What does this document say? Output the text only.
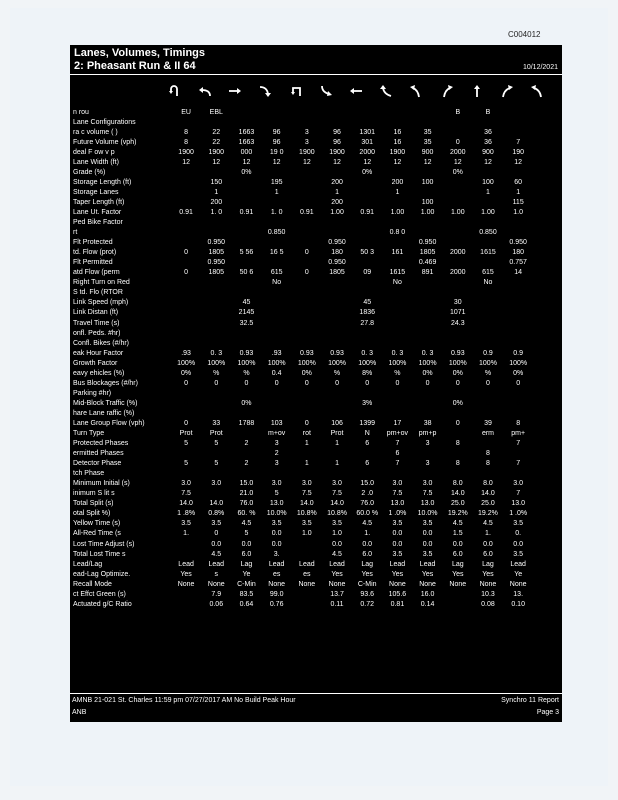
C004012
Lanes, Volumes, Timings
2: Pheasant Run & II 64	10/12/2021
n rou	EU	EBL								B	B	
Lane Configurations												
ra c volume ( )	8	22	1663	96	3	96	1301	16	35		36	
Future Volume (vph)	8	22	1663	96	3	96	301	16	35	0	36	7
deal F ow v p	1900	1900	000	19 0	1900	1900	2000	1900	900	2000	900	190
Lane Width (ft)	12	12	12	12	12	12	12	12	12	12	12	12
Grade (%)			0%				0%			0%		
Storage Length (ft)		150		195		200		200	100		100	60
Storage Lanes		1		1		1		1			1	1
Taper Length (ft)		200				200			100			115
Lane Ut. Factor	0.91	1. 0	0.91	1. 0	0.91	1.00	0.91	1.00	1.00	1.00	1.00	1.0
Ped Bike Factor												
rt				0.850				0.8 0			0.850	
Flt Protected		0.950				0.950			0.950			0.950
td. Flow (prot)	0	1805	5 56	16 5	0	180	50 3	161	1805	2000	1615	180
Flt Permitted		0.950				0.950			0.469			0.757
atd Flow (perm	0	1805	50 6	615	0	1805	09	1615	891	2000	615	14
Right Turn on Red				No				No			No	
S td. Flo (RTOR												
Link Speed (mph)			45				45			30		
Link Distan (ft)			2145				1836			1071		
Travel Time (s)			32.5				27.8			24.3		
onfl. Peds. #hr)												
Confl. Bikes (#/hr)												
eak Hour Factor	.93	0. 3	0.93	.93	0.93	0.93	0. 3	0. 3	0. 3	0.93	0.9	0.9
Growth Factor	100%	100%	100%	100%	100%	100%	100%	100%	100%	100%	100%	100%
eavy ehicles (%)	0%	%	%	0.4	0%	%	8%	%	0%	0%	%	0%
Bus Blockages (#/hr)	0	0	0	0	0	0	0	0	0	0	0	0
Parking #hr)												
Mid-Block Traffic (%)			0%				3%			0%		
hare Lane raffic (%)												
Lane Group Flow (vph)	0	33	1788	103	0	106	1399	17	38	0	39	8
Turn Type	Prot	Prot		m+ov	rot	Prot	N	pm+ov	pm+p		erm	pm+
Protected Phases	5	5	2	3	1	1	6	7	3	8		7
ermitted Phases				2				6			8	
Detector Phase	5	5	2	3	1	1	6	7	3	8	8	7
tch Phase												
Minimum Initial (s)	3.0	3.0	15.0	3.0	3.0	3.0	15.0	3.0	3.0	8.0	8.0	3.0
inimum S lit s	7.5		21.0	5	7.5	7.5	2 .0	7.5	7.5	14.0	14.0	7
Total Split (s)	14.0	14.0	76.0	13.0	14.0	14.0	76.0	13.0	13.0	25.0	25.0	13.0
otal Split %)	1 .8%	0.8%	60. %	10.0%	10.8%	10.8%	60.0 %	1 .0%	10.0%	19.2%	19.2%	1 .0%
Yellow Time (s)	3.5	3.5	4.5	3.5	3.5	3.5	4.5	3.5	3.5	4.5	4.5	3.5
All-Red Time (s	1.	0	5	0.0	1.0	1.0	1.	0.0	0.0	1.5	1.	0.
Lost Time Adjust (s)		0.0	0.0	0.0		0.0	0.0	0.0	0.0	0.0	0.0	0.0
Total Lost Time s		4.5	6.0	3.		4.5	6.0	3.5	3.5	6.0	6.0	3.5
Lead/Lag	Lead	Lead	Lag	Lead	Lead	Lead	Lag	Lead	Lead	Lag	Lag	Lead
ead-Lag Optimize.	Yes	s	Ye	es	es	Yes	Yes	Yes	Yes	Yes	Yes	Ye
Recall Mode	None	None	C-Min	None	None	None	C-Min	None	None	None	None	None
ct Effct Green (s)		7.9	83.5	99.0		13.7	93.6	105.6	16.0		10.3	13.
Actuated g/C Ratio		0.06	0.64	0.76		0.11	0.72	0.81	0.14		0.08	0.10
AMNB 21-021 St. Charles 11:59 pm 07/27/2017 AM No Build Peak Hour
ANB
Synchro 11 Report
Page 3
